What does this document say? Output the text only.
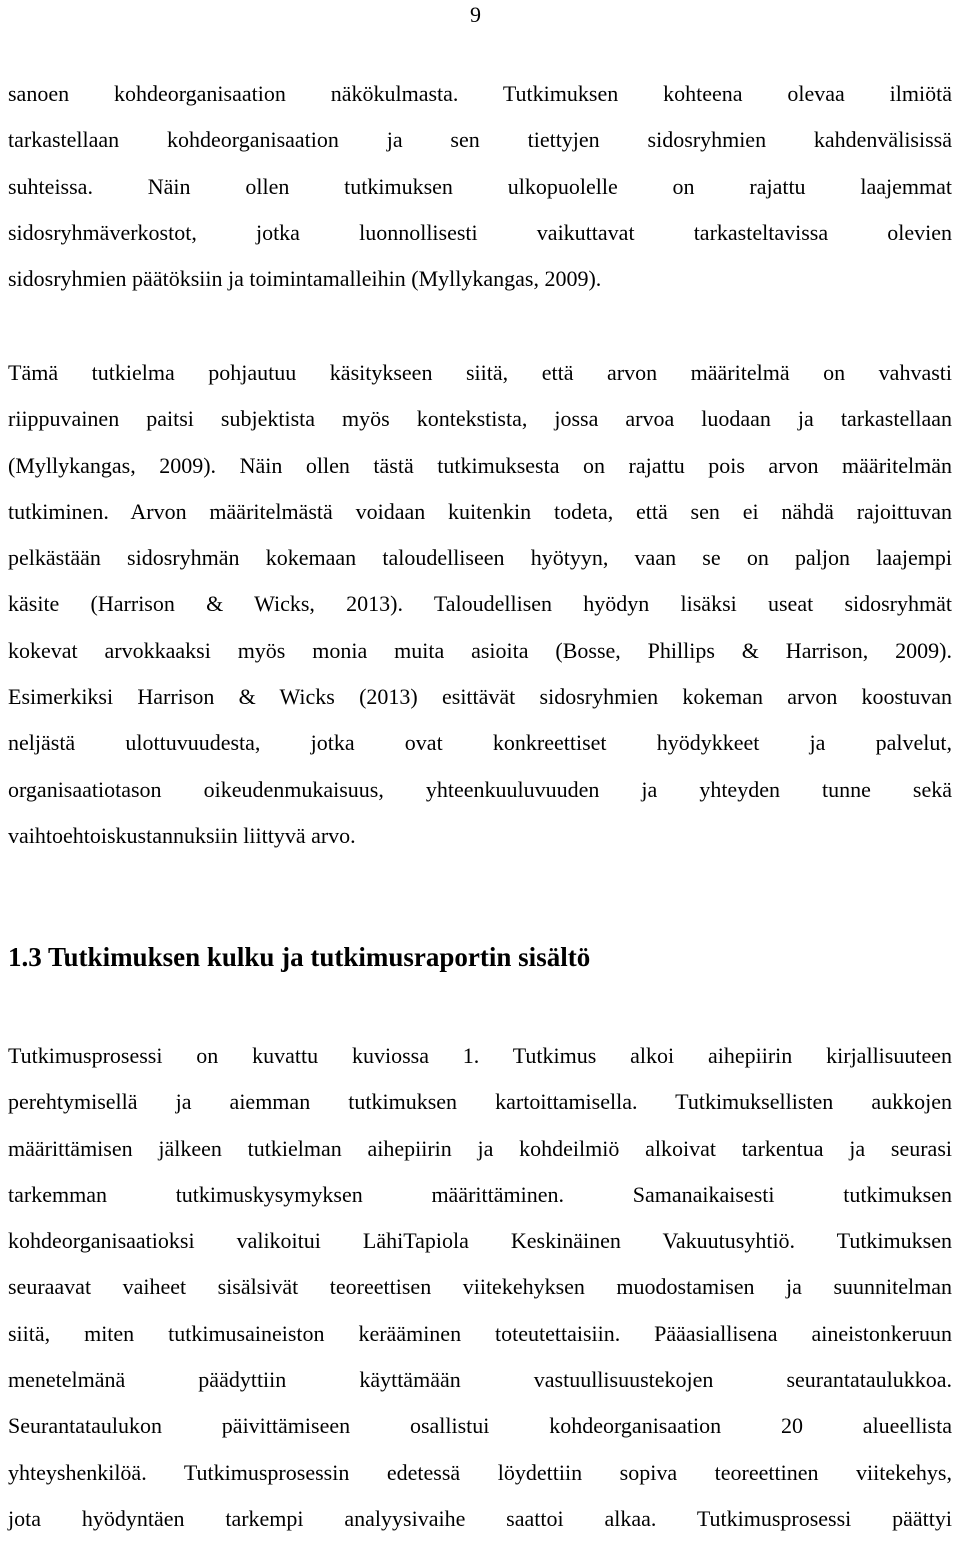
9
sanoen kohdeorganisaation näkökulmasta. Tutkimuksen kohteena olevaa ilmiötä
tarkastellaan kohdeorganisaation ja sen tiettyjen sidosryhmien kahdenvälisissä
suhteissa. Näin ollen tutkimuksen ulkopuolelle on rajattu laajemmat
sidosryhmäverkostot, jotka luonnollisesti vaikuttavat tarkasteltavissa olevien
sidosryhmien päätöksiin ja toimintamalleihin (Myllykangas, 2009).
Tämä tutkielma pohjautuu käsitykseen siitä, että arvon määritelmä on vahvasti
riippuvainen paitsi subjektista myös kontekstista, jossa arvoa luodaan ja tarkastellaan
(Myllykangas, 2009). Näin ollen tästä tutkimuksesta on rajattu pois arvon määritelmän
tutkiminen. Arvon määritelmästä voidaan kuitenkin todeta, että sen ei nähdä rajoittuvan
pelkästään sidosryhmän kokemaan taloudelliseen hyötyyn, vaan se on paljon laajempi
käsite (Harrison & Wicks, 2013). Taloudellisen hyödyn lisäksi useat sidosryhmät
kokevat arvokkaaksi myös monia muita asioita (Bosse, Phillips & Harrison, 2009).
Esimerkiksi Harrison & Wicks (2013) esittävät sidosryhmien kokeman arvon koostuvan
neljästä ulottuvuudesta, jotka ovat konkreettiset hyödykkeet ja palvelut,
organisaatiotason oikeudenmukaisuus, yhteenkuuluvuuden ja yhteyden tunne sekä
vaihtoehtoiskustannuksiin liittyvä arvo.
1.3 Tutkimuksen kulku ja tutkimusraportin sisältö
Tutkimusprosessi on kuvattu kuviossa 1. Tutkimus alkoi aihepiirin kirjallisuuteen
perehtymisellä ja aiemman tutkimuksen kartoittamisella. Tutkimuksellisten aukkojen
määrittämisen jälkeen tutkielman aihepiirin ja kohdeilmiö alkoivat tarkentua ja seurasi
tarkemman tutkimuskysymyksen määrittäminen. Samanaikaisesti tutkimuksen
kohdeorganisaatioksi valikoitui LähiTapiola Keskinäinen Vakuutusyhtiö. Tutkimuksen
seuraavat vaiheet sisälsivät teoreettisen viitekehyksen muodostamisen ja suunnitelman
siitä, miten tutkimusaineiston kerääminen toteutettaisiin. Pääasiallisena aineistonkeruun
menetelmänä päädyttiin käyttämään vastuullisuustekojen seurantataulukkoa.
Seurantataulukon päivittämiseen osallistui kohdeorganisaation 20 alueellista
yhteyshenkilöä. Tutkimusprosessin edetessä löydettiin sopiva teoreettinen viitekehys,
jota hyödyntäen tarkempi analyysivaihe saattoi alkaa. Tutkimusprosessi päättyi
